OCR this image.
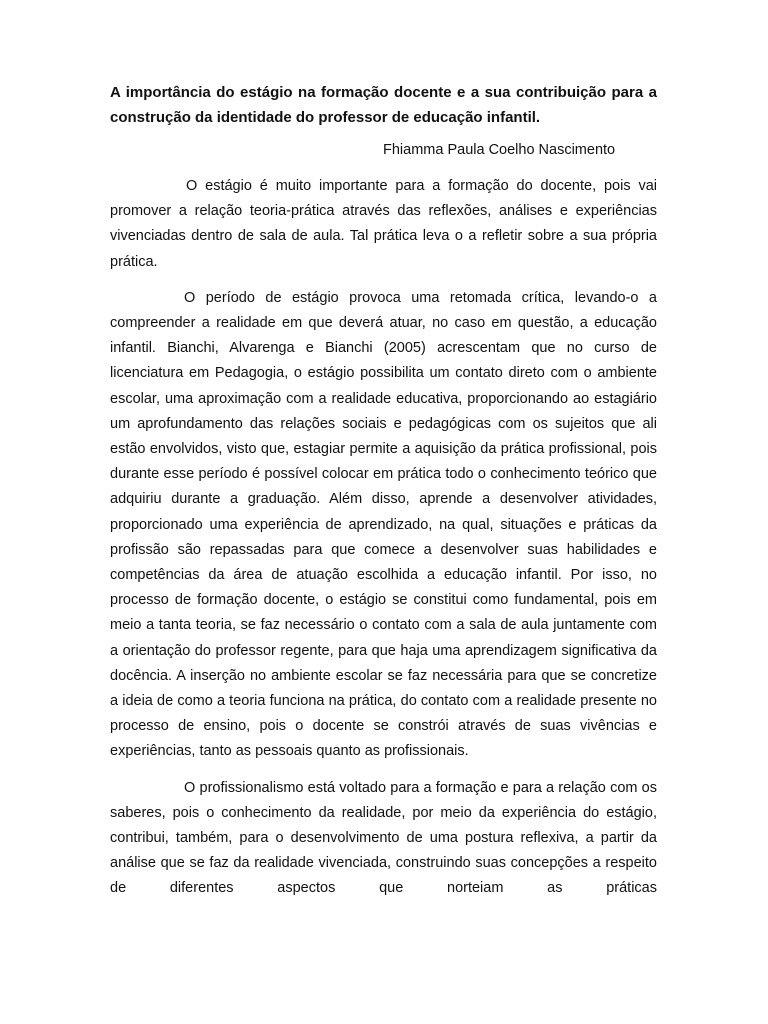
A importância do estágio na formação docente e a sua contribuição para a construção da identidade do professor de educação infantil.

Fhiamma Paula Coelho Nascimento

O estágio é muito importante para a formação do docente, pois vai promover a relação teoria-prática através das reflexões, análises e experiências vivenciadas dentro de sala de aula. Tal prática leva o a refletir sobre a sua própria prática.

O período de estágio provoca uma retomada crítica, levando-o a compreender a realidade em que deverá atuar, no caso em questão, a educação infantil. Bianchi, Alvarenga e Bianchi (2005) acrescentam que no curso de licenciatura em Pedagogia, o estágio possibilita um contato direto com o ambiente escolar, uma aproximação com a realidade educativa, proporcionando ao estagiário um aprofundamento das relações sociais e pedagógicas com os sujeitos que ali estão envolvidos, visto que, estagiar permite a aquisição da prática profissional, pois durante esse período é possível colocar em prática todo o conhecimento teórico que adquiriu durante a graduação. Além disso, aprende a desenvolver atividades, proporcionado uma experiência de aprendizado, na qual, situações e práticas da profissão são repassadas para que comece a desenvolver suas habilidades e competências da área de atuação escolhida a educação infantil. Por isso, no processo de formação docente, o estágio se constitui como fundamental, pois em meio a tanta teoria, se faz necessário o contato com a sala de aula juntamente com a orientação do professor regente, para que haja uma aprendizagem significativa da docência. A inserção no ambiente escolar se faz necessária para que se concretize a ideia de como a teoria funciona na prática, do contato com a realidade presente no processo de ensino, pois o docente se constrói através de suas vivências e experiências, tanto as pessoais quanto as profissionais.

O profissionalismo está voltado para a formação e para a relação com os saberes, pois o conhecimento da realidade, por meio da experiência do estágio, contribui, também, para o desenvolvimento de uma postura reflexiva, a partir da análise que se faz da realidade vivenciada, construindo suas concepções a respeito de diferentes aspectos que norteiam as práticas
